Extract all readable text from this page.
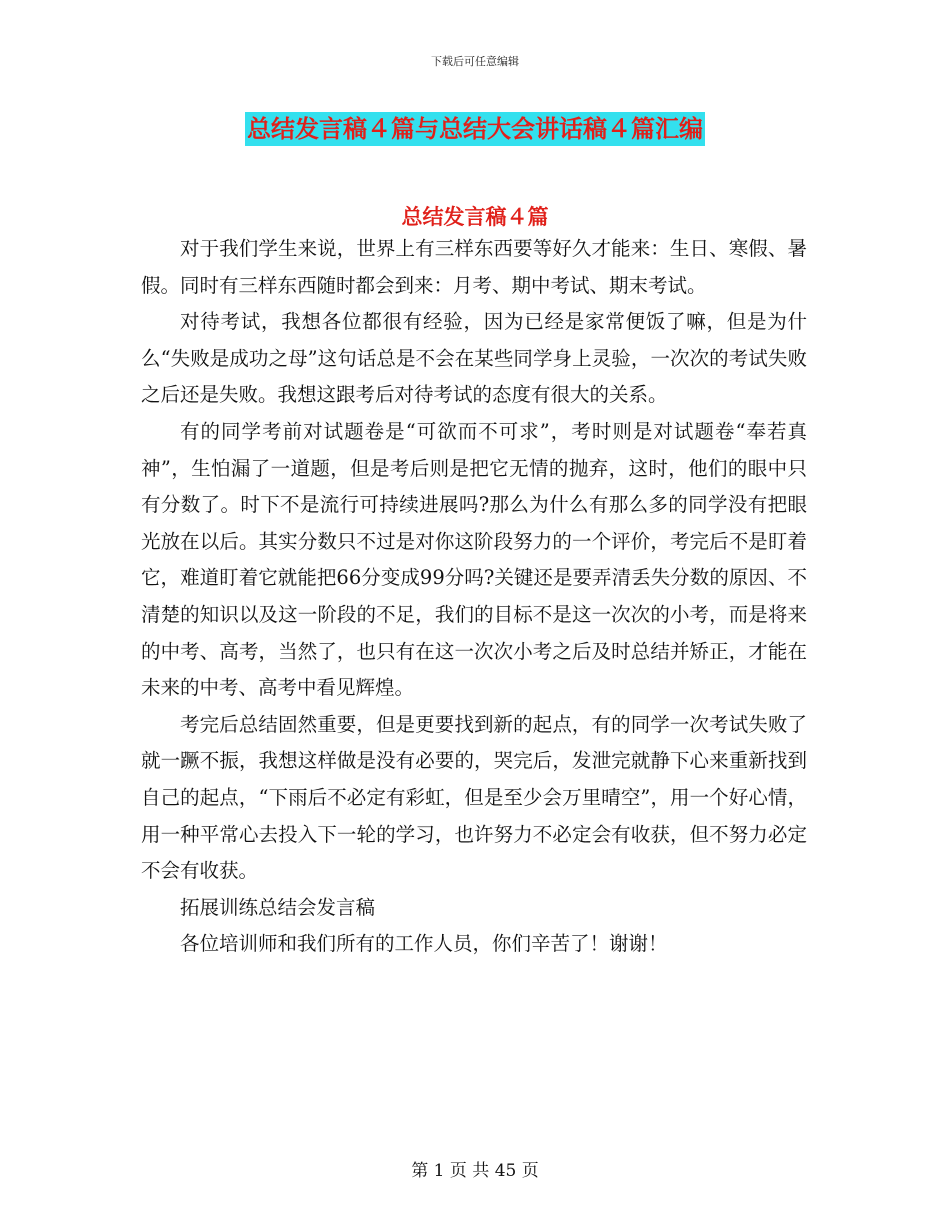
下载后可任意编辑
总结发言稿４篇与总结大会讲话稿４篇汇编
总结发言稿４篇

对于我们学生来说，世界上有三样东西要等好久才能来：生日、寒假、暑假。同时有三样东西随时都会到来：月考、期中考试、期末考试。

对待考试，我想各位都很有经验，因为已经是家常便饭了嘛，但是为什么“失败是成功之母”这句话总是不会在某些同学身上灵验，一次次的考试失败之后还是失败。我想这跟考后对待考试的态度有很大的关系。

有的同学考前对试题卷是“可欲而不可求”，考时则是对试题卷“奉若真神”，生怕漏了一道题，但是考后则是把它无情的抛弃，这时，他们的眼中只有分数了。时下不是流行可持续进展吗?那么为什么有那么多的同学没有把眼光放在以后。其实分数只不过是对你这阶段努力的一个评价，考完后不是盯着它，难道盯着它就能把66分变成99分吗?关键还是要弄清丢失分数的原因、不清楚的知识以及这一阶段的不足，我们的目标不是这一次次的小考，而是将来的中考、高考，当然了，也只有在这一次次小考之后及时总结并矫正，才能在未来的中考、高考中看见辉煌。

考完后总结固然重要，但是更要找到新的起点，有的同学一次考试失败了就一蹶不振，我想这样做是没有必要的，哭完后，发泄完就静下心来重新找到自己的起点，“下雨后不必定有彩虹，但是至少会万里晴空”，用一个好心情，用一种平常心去投入下一轮的学习，也许努力不必定会有收获，但不努力必定不会有收获。

拓展训练总结会发言稿

各位培训师和我们所有的工作人员，你们辛苦了！谢谢！

第 1 页 共 45 页
